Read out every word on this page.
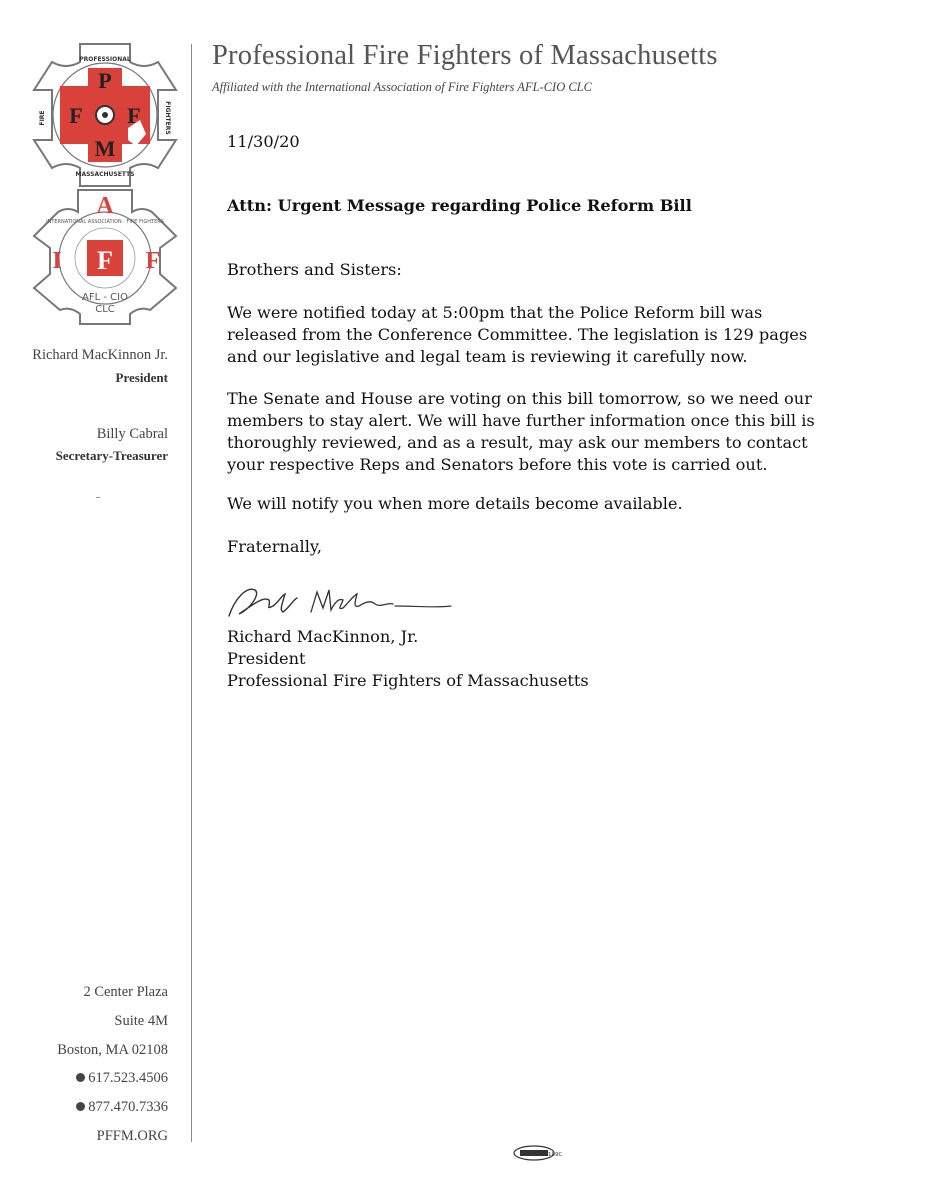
Professional Fire Fighters of Massachusetts
Affiliated with the International Association of Fire Fighters AFL-CIO CLC
PROFESSIONAL
FIRE	FIGHTERS
MASSACHUSETTS
P
F F
M
A
I F F
INTERNATIONAL ASSOCIATION · FIRE FIGHTERS
AFL - CIO
CLC
Richard MacKinnon Jr.
President
Billy Cabral
Secretary-Treasurer
2 Center Plaza
Suite 4M
Boston, MA 02108
617.523.4506
877.470.7336
PFFM.ORG
11/30/20
Attn: Urgent Message regarding Police Reform Bill
Brothers and Sisters:

We were notified today at 5:00pm that the Police Reform bill was

released from the Conference Committee. The legislation is 129 pages

and our legislative and legal team is reviewing it carefully now.

The Senate and House are voting on this bill tomorrow, so we need our

members to stay alert. We will have further information once this bill is

thoroughly reviewed, and as a result, may ask our members to contact

your respective Reps and Senators before this vote is carried out.

We will notify you when more details become available.
Fraternally,

Richard MacKinnon, Jr.

President

Professional Fire Fighters of Massachusetts

GCC/IBT 109C
